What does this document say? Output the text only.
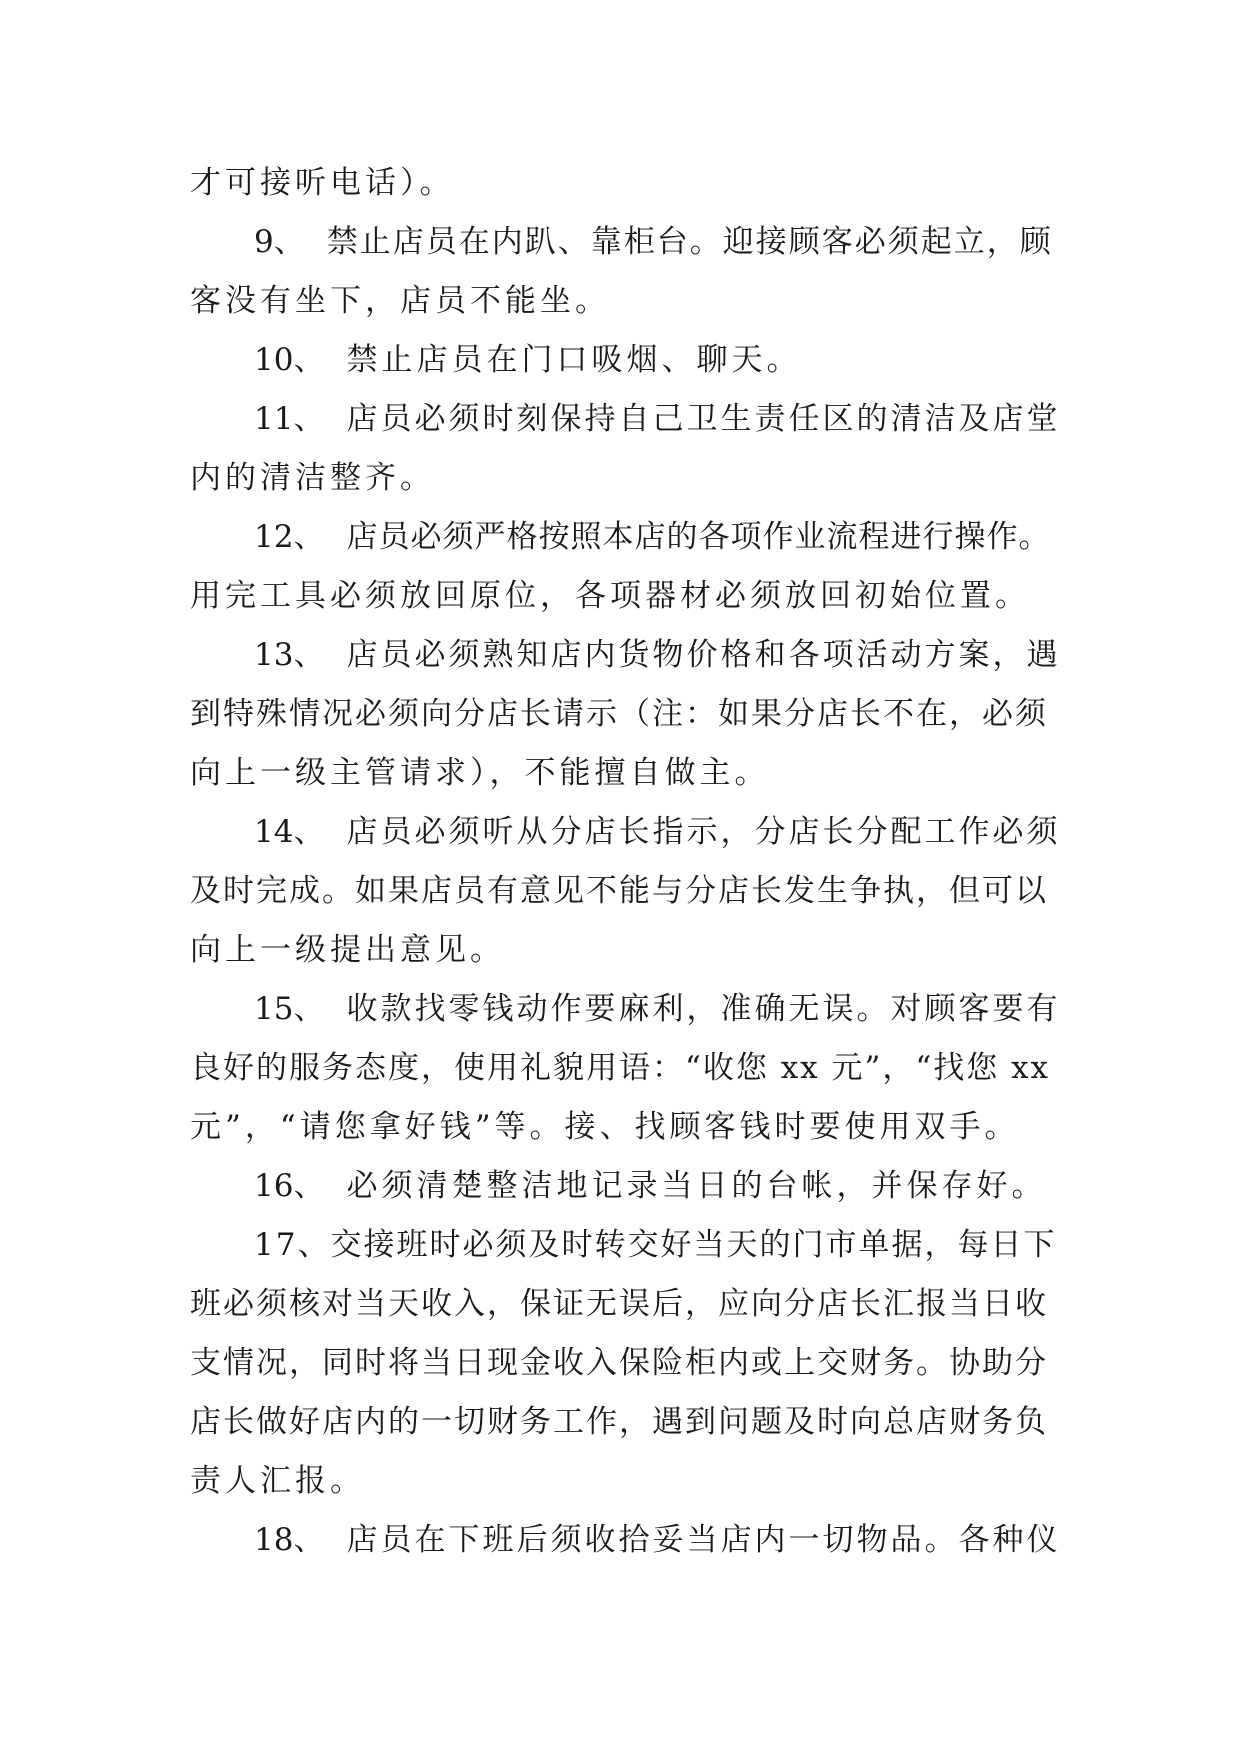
才可接听电话）。

9、 禁止店员在内趴、靠柜台。迎接顾客必须起立，顾

客没有坐下，店员不能坐。

10、 禁止店员在门口吸烟、聊天。

11、 店员必须时刻保持自己卫生责任区的清洁及店堂

内的清洁整齐。

12、 店员必须严格按照本店的各项作业流程进行操作。

用完工具必须放回原位，各项器材必须放回初始位置。

13、 店员必须熟知店内货物价格和各项活动方案，遇

到特殊情况必须向分店长请示（注：如果分店长不在，必须

向上一级主管请求），不能擅自做主。

14、 店员必须听从分店长指示，分店长分配工作必须

及时完成。如果店员有意见不能与分店长发生争执，但可以

向上一级提出意见。

15、 收款找零钱动作要麻利，准确无误。对顾客要有

良好的服务态度，使用礼貌用语：“收您 xx 元”，“找您 xx

元”，“请您拿好钱”等。接、找顾客钱时要使用双手。

16、 必须清楚整洁地记录当日的台帐，并保存好。

17、交接班时必须及时转交好当天的门市单据，每日下

班必须核对当天收入，保证无误后，应向分店长汇报当日收

支情况，同时将当日现金收入保险柜内或上交财务。协助分

店长做好店内的一切财务工作，遇到问题及时向总店财务负

责人汇报。

18、 店员在下班后须收拾妥当店内一切物品。各种仪
